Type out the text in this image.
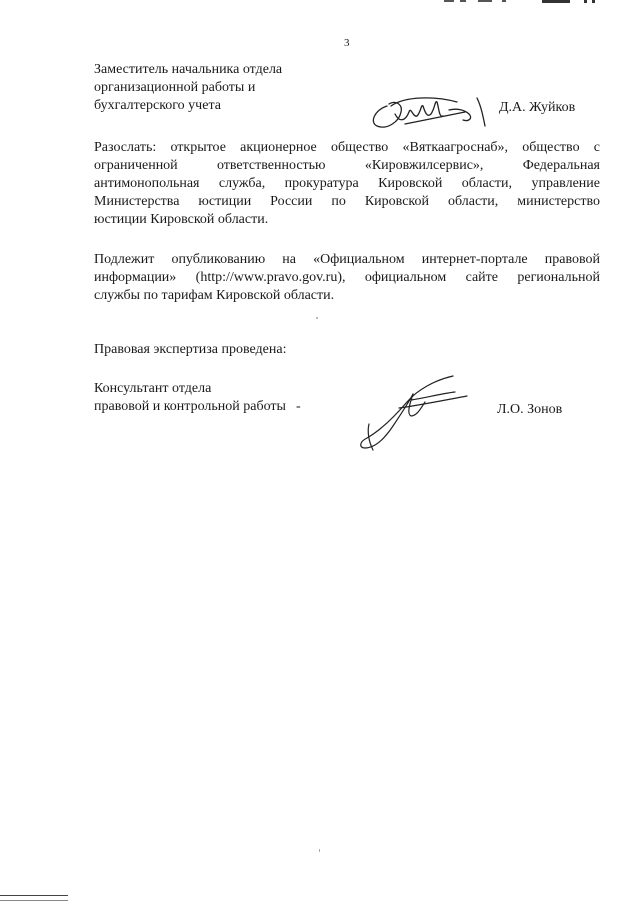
3
Заместитель начальника отдела
организационной работы и
бухгалтерского учета	Д.А. Жуйков
Разослать: открытое акционерное общество «Вяткаагроснаб», общество с
ограниченной ответственностью «Кировжилсервис», Федеральная
антимонопольная служба, прокуратура Кировской области, управление
Министерства юстиции России по Кировской области, министерство
юстиции Кировской области.
Подлежит опубликованию на «Официальном интернет-портале правовой
информации» (http://www.pravo.gov.ru), официальном сайте региональной
службы по тарифам Кировской области.
Правовая экспертиза проведена:
Консультант отдела
правовой и контрольной работы -	Л.О. Зонов
